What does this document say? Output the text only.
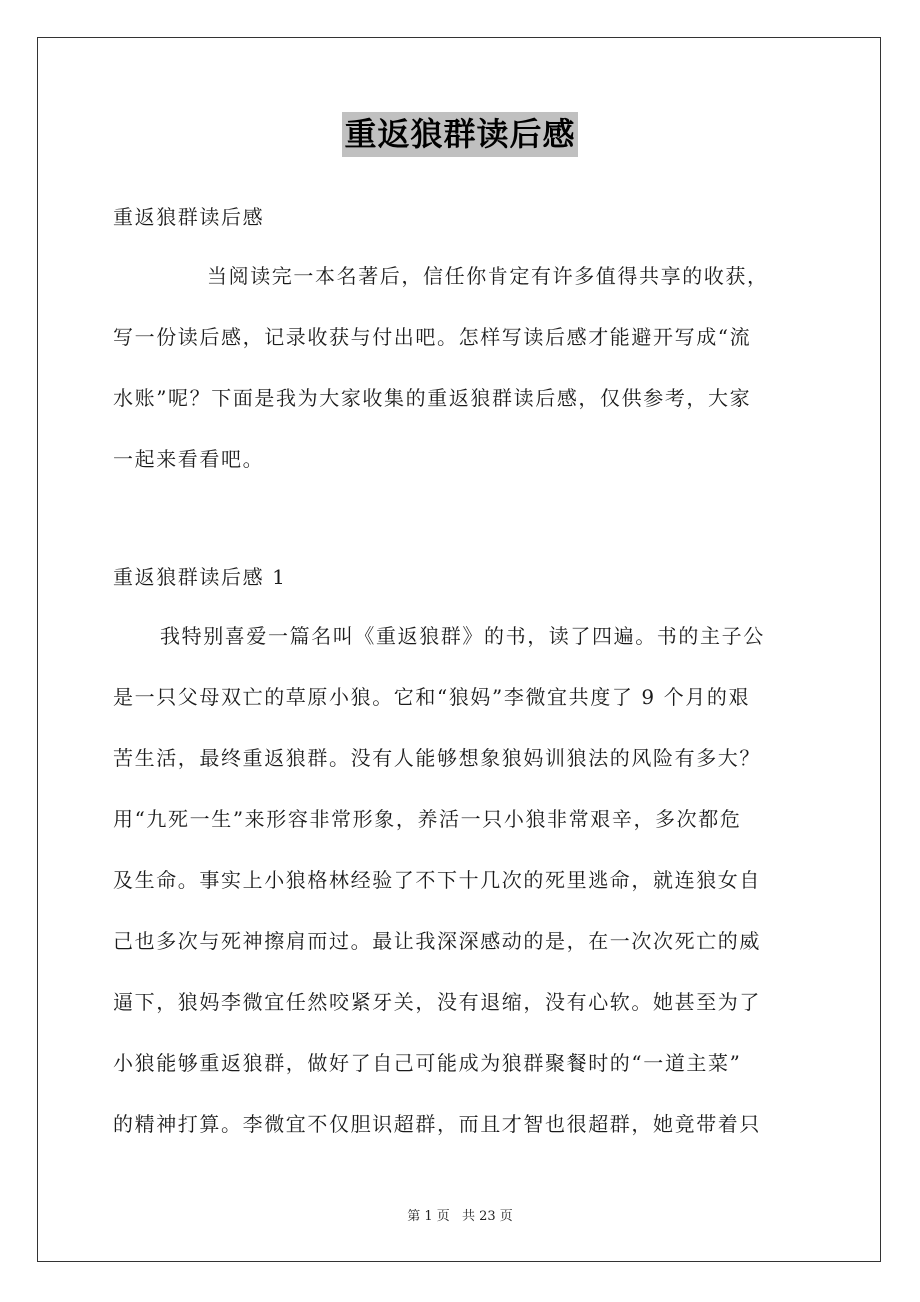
重返狼群读后感
重返狼群读后感
当阅读完一本名著后，信任你肯定有许多值得共享的收获，
写一份读后感，记录收获与付出吧。怎样写读后感才能避开写成“流
水账”呢？下面是我为大家收集的重返狼群读后感，仅供参考，大家
一起来看看吧。
重返狼群读后感 1
我特别喜爱一篇名叫《重返狼群》的书，读了四遍。书的主子公
是一只父母双亡的草原小狼。它和“狼妈”李微宜共度了 9 个月的艰
苦生活，最终重返狼群。没有人能够想象狼妈训狼法的风险有多大？
用“九死一生”来形容非常形象，养活一只小狼非常艰辛，多次都危
及生命。事实上小狼格林经验了不下十几次的死里逃命，就连狼女自
己也多次与死神擦肩而过。最让我深深感动的是，在一次次死亡的威
逼下，狼妈李微宜任然咬紧牙关，没有退缩，没有心软。她甚至为了
小狼能够重返狼群，做好了自己可能成为狼群聚餐时的“一道主菜”
的精神打算。李微宜不仅胆识超群，而且才智也很超群，她竟带着只
第 1 页 共 23 页
